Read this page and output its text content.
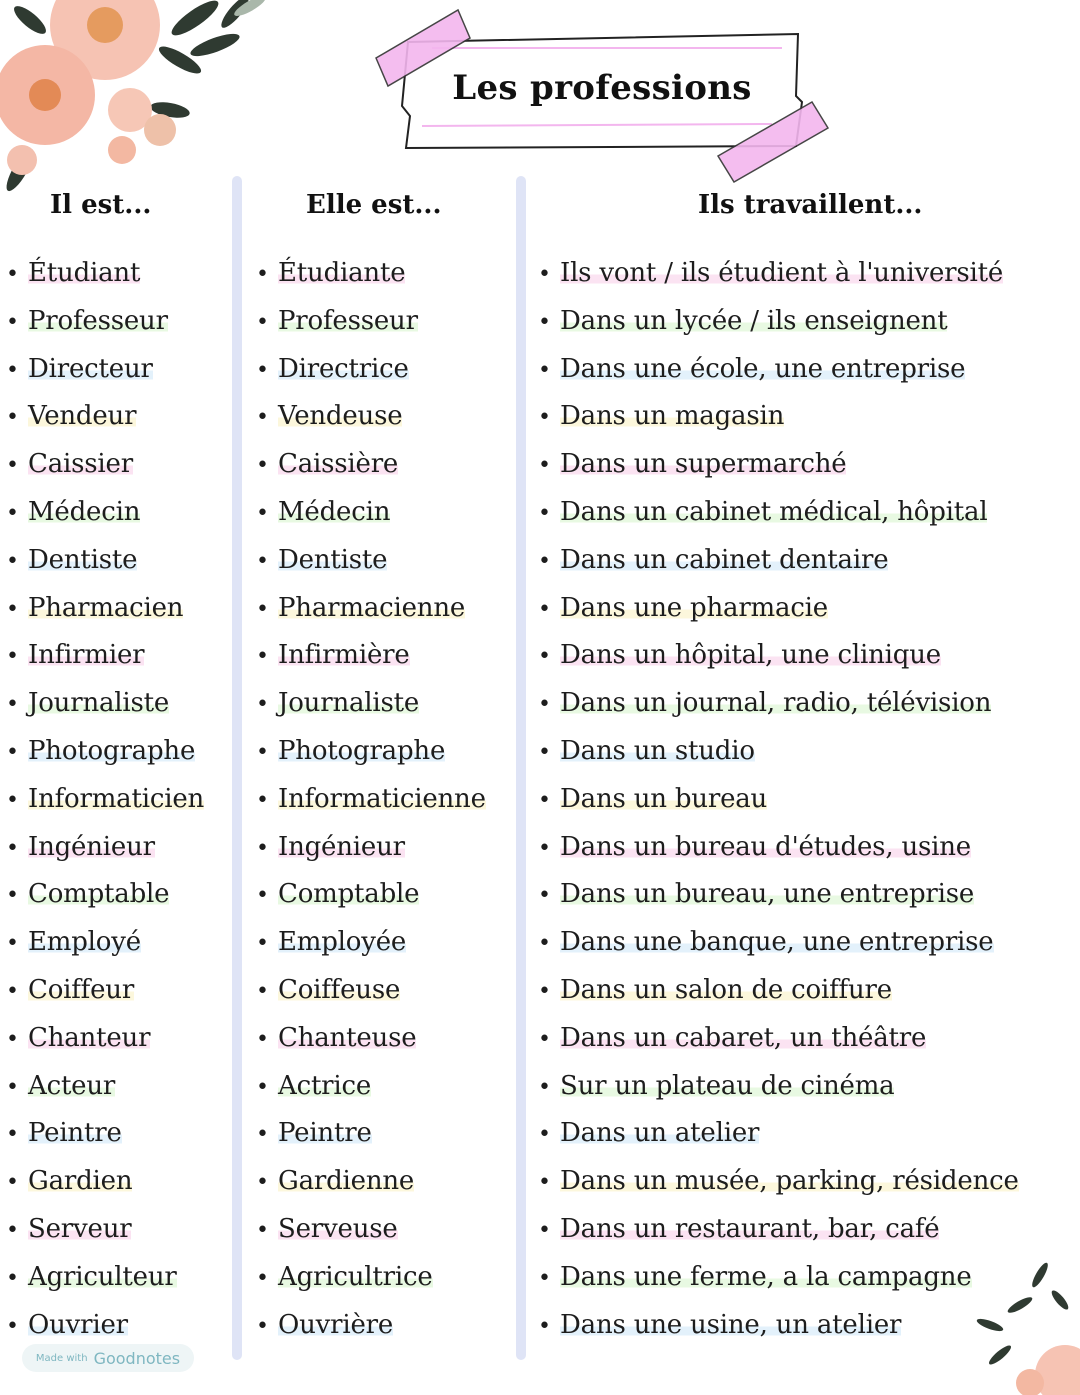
Les professions
Il est...	Elle est...	Ils travaillent...
• Étudiant
• Professeur
• Directeur
• Vendeur
• Caissier
• Médecin
• Dentiste
• Pharmacien
• Infirmier
• Journaliste
• Photographe
• Informaticien
• Ingénieur
• Comptable
• Employé
• Coiffeur
• Chanteur
• Acteur
• Peintre
• Gardien
• Serveur
• Agriculteur
• Ouvrier
• Étudiante
• Professeur
• Directrice
• Vendeuse
• Caissière
• Médecin
• Dentiste
• Pharmacienne
• Infirmière
• Journaliste
• Photographe
• Informaticienne
• Ingénieur
• Comptable
• Employée
• Coiffeuse
• Chanteuse
• Actrice
• Peintre
• Gardienne
• Serveuse
• Agricultrice
• Ouvrière
• Ils vont / ils étudient à l'université
• Dans un lycée / ils enseignent
• Dans une école, une entreprise
• Dans un magasin
• Dans un supermarché
• Dans un cabinet médical, hôpital
• Dans un cabinet dentaire
• Dans une pharmacie
• Dans un hôpital, une clinique
• Dans un journal, radio, télévision
• Dans un studio
• Dans un bureau
• Dans un bureau d'études, usine
• Dans un bureau, une entreprise
• Dans une banque, une entreprise
• Dans un salon de coiffure
• Dans un cabaret, un théâtre
• Sur un plateau de cinéma
• Dans un atelier
• Dans un musée, parking, résidence
• Dans un restaurant, bar, café
• Dans une ferme, a la campagne
• Dans une usine, un atelier
Made with Goodnotes
